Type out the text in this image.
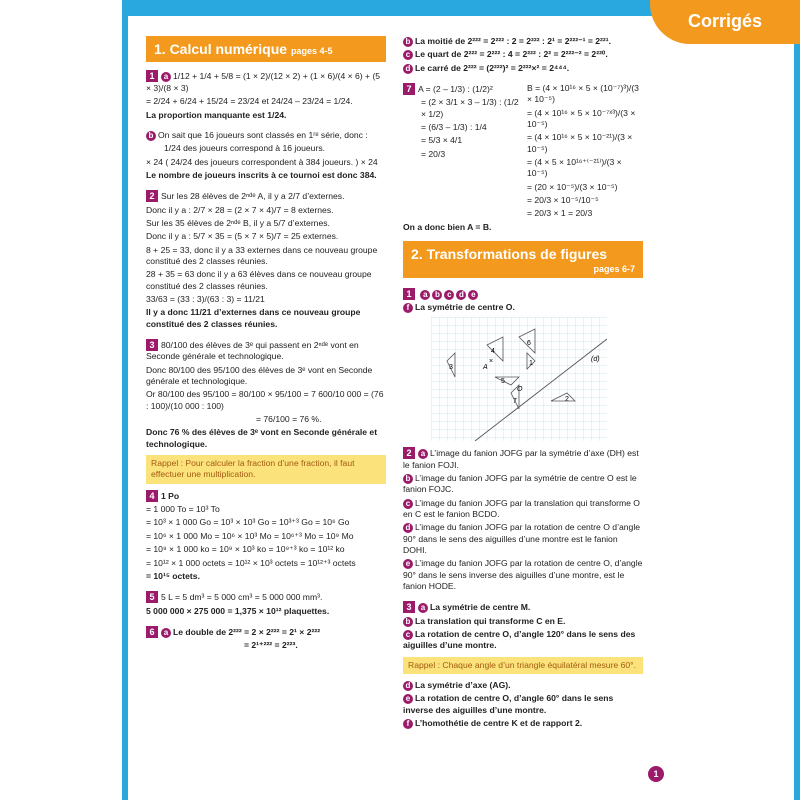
Corrigés
1. Calcul numérique pages 4-5
1 a 1/12 + 1/4 + 5/8 = (1 × 2)/(12 × 2) + (1 × 6)/(4 × 6) + (5 × 3)/(8 × 3)
= 2/24 + 6/24 + 15/24 = 23/24 et 24/24 – 23/24 = 1/24.
La proportion manquante est 1/24.
b On sait que 16 joueurs sont classés en 1ʳᵉ série, donc :
1/24 des joueurs correspond à 16 joueurs.
× 24 ( 24/24 des joueurs correspondent à 384 joueurs. ) × 24
Le nombre de joueurs inscrits à ce tournoi est donc 384.
2 Sur les 28 élèves de 2ⁿᵈᵉ A, il y a 2/7 d’externes.
Donc il y a : 2/7 × 28 = (2 × 7 × 4)/7 = 8 externes.
Sur les 35 élèves de 2ⁿᵈᵉ B, il y a 5/7 d’externes.
Donc il y a : 5/7 × 35 = (5 × 7 × 5)/7 = 25 externes.
8 + 25 = 33, donc il y a 33 externes dans ce nouveau groupe constitué des 2 classes réunies.
28 + 35 = 63 donc il y a 63 élèves dans ce nouveau groupe constitué des 2 classes réunies.
33/63 = (33 : 3)/(63 : 3) = 11/21
Il y a donc 11/21 d’externes dans ce nouveau groupe constitué des 2 classes réunies.
3 80/100 des élèves de 3ᵉ qui passent en 2ⁿᵈᵉ vont en Seconde générale et technologique.
Donc 80/100 des 95/100 des élèves de 3ᵉ vont en Seconde générale et technologique.
Or 80/100 des 95/100 = 80/100 × 95/100 = 7 600/10 000 = (76 : 100)/(10 000 : 100)
= 76/100 = 76 %.
Donc 76 % des élèves de 3ᵉ vont en Seconde générale et technologique.
Rappel : Pour calculer la fraction d’une fraction, il faut effectuer une multiplication.
4 1 Po
= 1 000 To = 10³ To
= 10³ × 1 000 Go = 10³ × 10³ Go = 10³⁺³ Go = 10⁶ Go
= 10⁶ × 1 000 Mo = 10⁶ × 10³ Mo = 10⁶⁺³ Mo = 10⁹ Mo
= 10⁹ × 1 000 ko = 10⁹ × 10³ ko = 10⁹⁺³ ko = 10¹² ko
= 10¹² × 1 000 octets = 10¹² × 10³ octets = 10¹²⁺³ octets
= 10¹⁵ octets.
5 5 L = 5 dm³ = 5 000 cm³ = 5 000 000 mm³.
5 000 000 × 275 000 = 1,375 × 10¹² plaquettes.
6 a Le double de 2²²² = 2 × 2²²² = 2¹ × 2²²²
= 2¹⁺²²² = 2²²³.
b La moitié de 2²²² = 2²²² : 2 = 2²²² : 2¹ = 2²²²⁻¹ = 2²²¹.
c Le quart de 2²²² = 2²²² : 4 = 2²²² : 2² = 2²²²⁻² = 2²²⁰.
d Le carré de 2²²² = (2²²²)² = 2²²²×² = 2⁴⁴⁴.
7 A = (2 – 1/3) : (1/2)²
= (2 × 3/1 × 3 – 1/3) : (1/2 × 1/2)
= (6/3 – 1/3) : 1/4
= 5/3 × 4/1
= 20/3
B = (4 × 10¹⁶ × 5 × (10⁻⁷)³)/(3 × 10⁻⁵)
= (4 × 10¹⁶ × 5 × 10⁻⁷ˣ³)/(3 × 10⁻⁵)
= (4 × 10¹⁶ × 5 × 10⁻²¹)/(3 × 10⁻⁵)
= (4 × 5 × 10¹⁶⁺⁽⁻²¹⁾)/(3 × 10⁻⁵)
= (20 × 10⁻⁵)/(3 × 10⁻⁵)
= 20/3 × 10⁻⁵/10⁻⁵
= 20/3 × 1 = 20/3
On a donc bien A = B.
2. Transformations de figures
pages 6-7
1 a b c d e
f La symétrie de centre O.
3
4
6
1
5
7	2
A
×
O
(d)
2 a L’image du fanion JOFG par la symétrie d’axe (DH) est le fanion FOJI.
b L’image du fanion JOFG par la symétrie de centre O est le fanion FOJC.
c L’image du fanion JOFG par la translation qui transforme O en C est le fanion BCDO.
d L’image du fanion JOFG par la rotation de centre O d’angle 90° dans le sens des aiguilles d’une montre est le fanion DOHI.
e L’image du fanion JOFG par la rotation de centre O, d’angle 90° dans le sens inverse des aiguilles d’une montre, est le fanion HODE.
3 a La symétrie de centre M.
b La translation qui transforme C en E.
c La rotation de centre O, d’angle 120° dans le sens des aiguilles d’une montre.
Rappel : Chaque angle d’un triangle équilatéral mesure 60°.
d La symétrie d’axe (AG).
e La rotation de centre O, d’angle 60° dans le sens inverse des aiguilles d’une montre.
f L’homothétie de centre K et de rapport 2.
1
